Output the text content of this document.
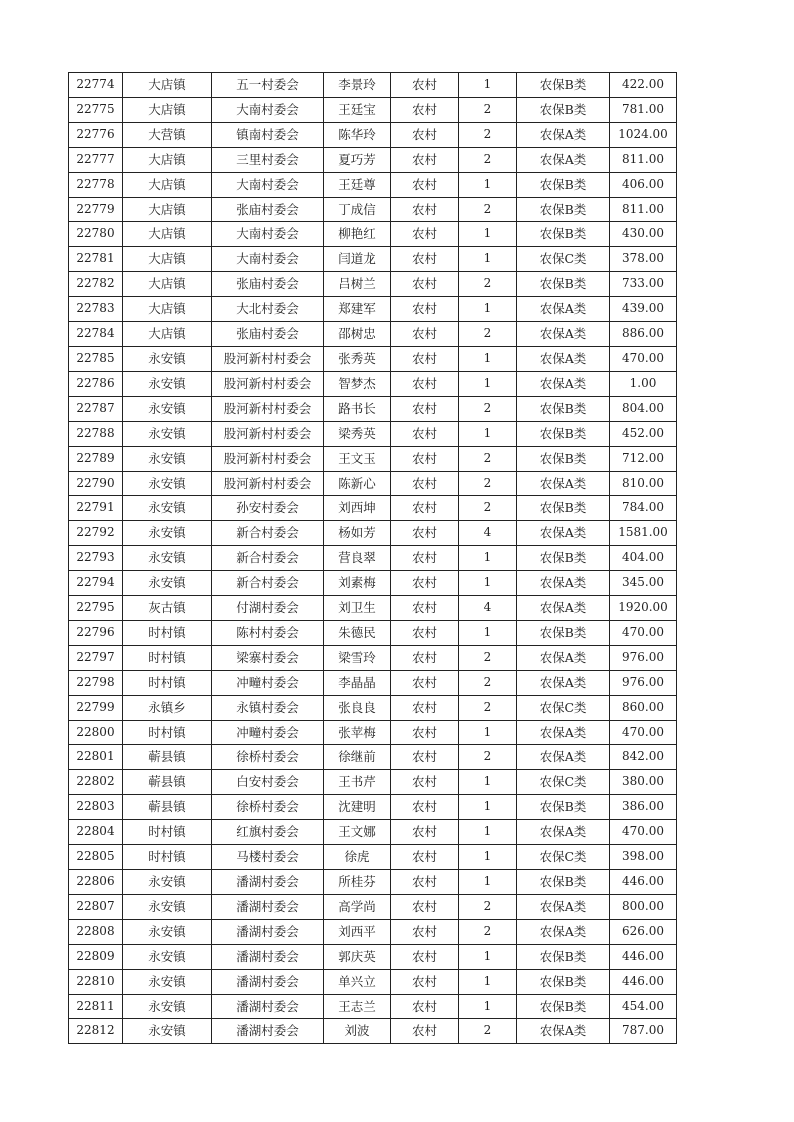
22774	大店镇	五一村委会	李景玲	农村	1	农保B类	422.00
22775	大店镇	大南村委会	王廷宝	农村	2	农保B类	781.00
22776	大营镇	镇南村委会	陈华玲	农村	2	农保A类	1024.00
22777	大店镇	三里村委会	夏巧芳	农村	2	农保A类	811.00
22778	大店镇	大南村委会	王廷尊	农村	1	农保B类	406.00
22779	大店镇	张庙村委会	丁成信	农村	2	农保B类	811.00
22780	大店镇	大南村委会	柳艳红	农村	1	农保B类	430.00
22781	大店镇	大南村委会	闫道龙	农村	1	农保C类	378.00
22782	大店镇	张庙村委会	吕树兰	农村	2	农保B类	733.00
22783	大店镇	大北村委会	郑建军	农村	1	农保A类	439.00
22784	大店镇	张庙村委会	邵树忠	农村	2	农保A类	886.00
22785	永安镇	股河新村村委会	张秀英	农村	1	农保A类	470.00
22786	永安镇	股河新村村委会	智梦杰	农村	1	农保A类	1.00
22787	永安镇	股河新村村委会	路书长	农村	2	农保B类	804.00
22788	永安镇	股河新村村委会	梁秀英	农村	1	农保B类	452.00
22789	永安镇	股河新村村委会	王文玉	农村	2	农保B类	712.00
22790	永安镇	股河新村村委会	陈新心	农村	2	农保A类	810.00
22791	永安镇	孙安村委会	刘西坤	农村	2	农保B类	784.00
22792	永安镇	新合村委会	杨如芳	农村	4	农保A类	1581.00
22793	永安镇	新合村委会	营良翠	农村	1	农保B类	404.00
22794	永安镇	新合村委会	刘素梅	农村	1	农保A类	345.00
22795	灰古镇	付湖村委会	刘卫生	农村	4	农保A类	1920.00
22796	时村镇	陈村村委会	朱德民	农村	1	农保B类	470.00
22797	时村镇	梁寨村委会	梁雪玲	农村	2	农保A类	976.00
22798	时村镇	冲疃村委会	李晶晶	农村	2	农保A类	976.00
22799	永镇乡	永镇村委会	张良良	农村	2	农保C类	860.00
22800	时村镇	冲疃村委会	张苹梅	农村	1	农保A类	470.00
22801	蕲县镇	徐桥村委会	徐继前	农村	2	农保A类	842.00
22802	蕲县镇	白安村委会	王书芹	农村	1	农保C类	380.00
22803	蕲县镇	徐桥村委会	沈建明	农村	1	农保B类	386.00
22804	时村镇	红旗村委会	王文娜	农村	1	农保A类	470.00
22805	时村镇	马楼村委会	徐虎	农村	1	农保C类	398.00
22806	永安镇	潘湖村委会	所桂芬	农村	1	农保B类	446.00
22807	永安镇	潘湖村委会	高学尚	农村	2	农保A类	800.00
22808	永安镇	潘湖村委会	刘西平	农村	2	农保A类	626.00
22809	永安镇	潘湖村委会	郭庆英	农村	1	农保B类	446.00
22810	永安镇	潘湖村委会	单兴立	农村	1	农保B类	446.00
22811	永安镇	潘湖村委会	王志兰	农村	1	农保B类	454.00
22812	永安镇	潘湖村委会	刘波	农村	2	农保A类	787.00
